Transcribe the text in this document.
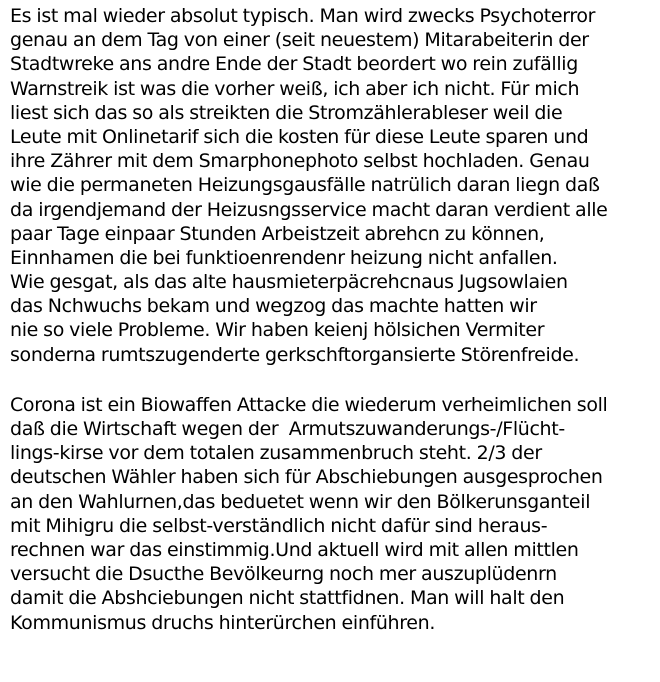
Es ist mal wieder absolut typisch. Man wird zwecks Psychoterror
genau an dem Tag von einer (seit neuestem) Mitarabeiterin der
Stadtwreke ans andre Ende der Stadt beordert wo rein zufällig
Warnstreik ist was die vorher weiß, ich aber ich nicht. Für mich
liest sich das so als streikten die Stromzählerableser weil die
Leute mit Onlinetarif sich die kosten für diese Leute sparen und
ihre Zährer mit dem Smarphonephoto selbst hochladen. Genau
wie die permaneten Heizungsgausfälle natrülich daran liegn daß
da irgendjemand der Heizusngsservice macht daran verdient alle
paar Tage einpaar Stunden Arbeistzeit abrehcn zu können,
Einnhamen die bei funktioenrendenr heizung nicht anfallen.
Wie gesgat, als das alte hausmieterpäcrehcnaus Jugsowlaien
das Nchwuchs bekam und wegzog das machte hatten wir
nie so viele Probleme. Wir haben keienj hölsichen Vermiter
sonderna rumtszugenderte gerkschftorgansierte Störenfreide.
Corona ist ein Biowaffen Attacke die wiederum verheimlichen soll
daß die Wirtschaft wegen der  Armutszuwanderungs-/Flücht-
lings-kirse vor dem totalen zusammenbruch steht. 2/3 der
deutschen Wähler haben sich für Abschiebungen ausgesprochen
an den Wahlurnen,das beduetet wenn wir den Bölkerunsganteil
mit Mihigru die selbst-verständlich nicht dafür sind heraus-
rechnen war das einstimmig.Und aktuell wird mit allen mittlen
versucht die Dsucthe Bevölkeurng noch mer auszuplüdenrn
damit die Abshciebungen nicht stattfidnen. Man will halt den
Kommunismus druchs hinterürchen einführen.
